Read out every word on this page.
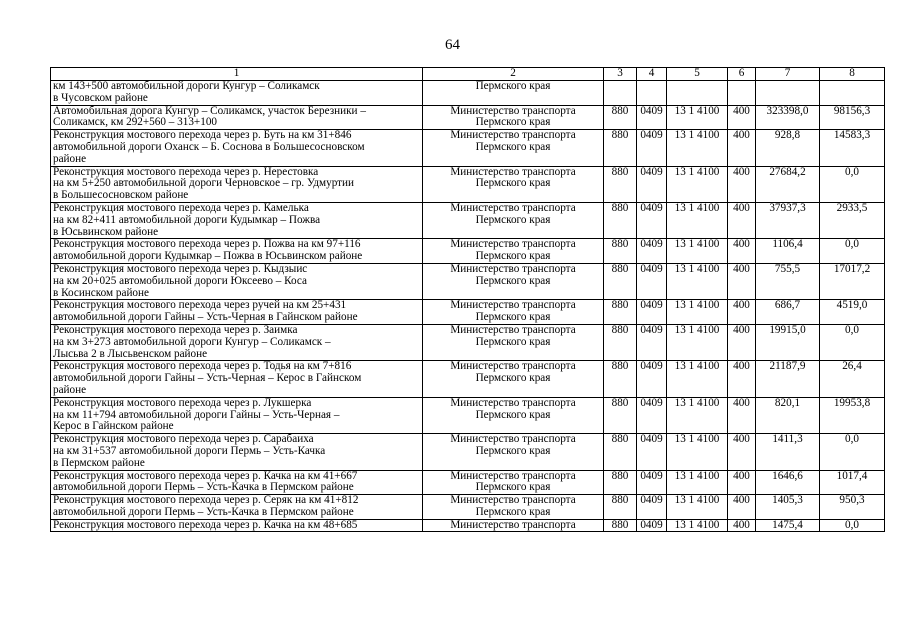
64
1	2	3	4	5	6	7	8

км 143+500 автомобильной дороги Кунгур – Соликамск
в Чусовском районе	Пермского края						

Автомобильная дорога Кунгур – Соликамск, участок Березники –
Соликамск, км 292+560 – 313+100	Министерство транспорта
Пермского края	880	0409	13 1 4100	400	323398,0	98156,3

Реконструкция мостового перехода через р. Буть на км 31+846
автомобильной дороги Оханск – Б. Соснова в Большесосновском
районе	Министерство транспорта
Пермского края	880	0409	13 1 4100	400	928,8	14583,3

Реконструкция мостового перехода через р. Нерестовка
на км 5+250 автомобильной дороги Черновское – гр. Удмуртии
в Большесосновском районе	Министерство транспорта
Пермского края	880	0409	13 1 4100	400	27684,2	0,0

Реконструкция мостового перехода через р. Камелька
на км 82+411 автомобильной дороги Кудымкар – Пожва
в Юсьвинском районе	Министерство транспорта
Пермского края	880	0409	13 1 4100	400	37937,3	2933,5

Реконструкция мостового перехода через р. Пожва на км 97+116
автомобильной дороги Кудымкар – Пожва в Юсьвинском районе	Министерство транспорта
Пермского края	880	0409	13 1 4100	400	1106,4	0,0

Реконструкция мостового перехода через р. Кыдзыис
на км 20+025 автомобильной дороги Юксеево – Коса
в Косинском районе	Министерство транспорта
Пермского края	880	0409	13 1 4100	400	755,5	17017,2

Реконструкция мостового перехода через ручей на км 25+431
автомобильной дороги Гайны – Усть-Черная в Гайнском районе	Министерство транспорта
Пермского края	880	0409	13 1 4100	400	686,7	4519,0

Реконструкция мостового перехода через р. Заимка
на км 3+273 автомобильной дороги Кунгур – Соликамск –
Лысьва 2 в Лысьвенском районе	Министерство транспорта
Пермского края	880	0409	13 1 4100	400	19915,0	0,0

Реконструкция мостового перехода через р. Тодья на км 7+816
автомобильной дороги Гайны – Усть-Черная – Керос в Гайнском
районе	Министерство транспорта
Пермского края	880	0409	13 1 4100	400	21187,9	26,4

Реконструкция мостового перехода через р. Лукшерка
на км 11+794 автомобильной дороги Гайны – Усть-Черная –
Керос в Гайнском районе	Министерство транспорта
Пермского края	880	0409	13 1 4100	400	820,1	19953,8

Реконструкция мостового перехода через р. Сарабаиха
на км 31+537 автомобильной дороги Пермь – Усть-Качка
в Пермском районе	Министерство транспорта
Пермского края	880	0409	13 1 4100	400	1411,3	0,0

Реконструкция мостового перехода через р. Качка на км 41+667
автомобильной дороги Пермь – Усть-Качка в Пермском районе	Министерство транспорта
Пермского края	880	0409	13 1 4100	400	1646,6	1017,4

Реконструкция мостового перехода через р. Серяк на км 41+812
автомобильной дороги Пермь – Усть-Качка в Пермском районе	Министерство транспорта
Пермского края	880	0409	13 1 4100	400	1405,3	950,3

Реконструкция мостового перехода через р. Качка на км 48+685	Министерство транспорта	880	0409	13 1 4100	400	1475,4	0,0
